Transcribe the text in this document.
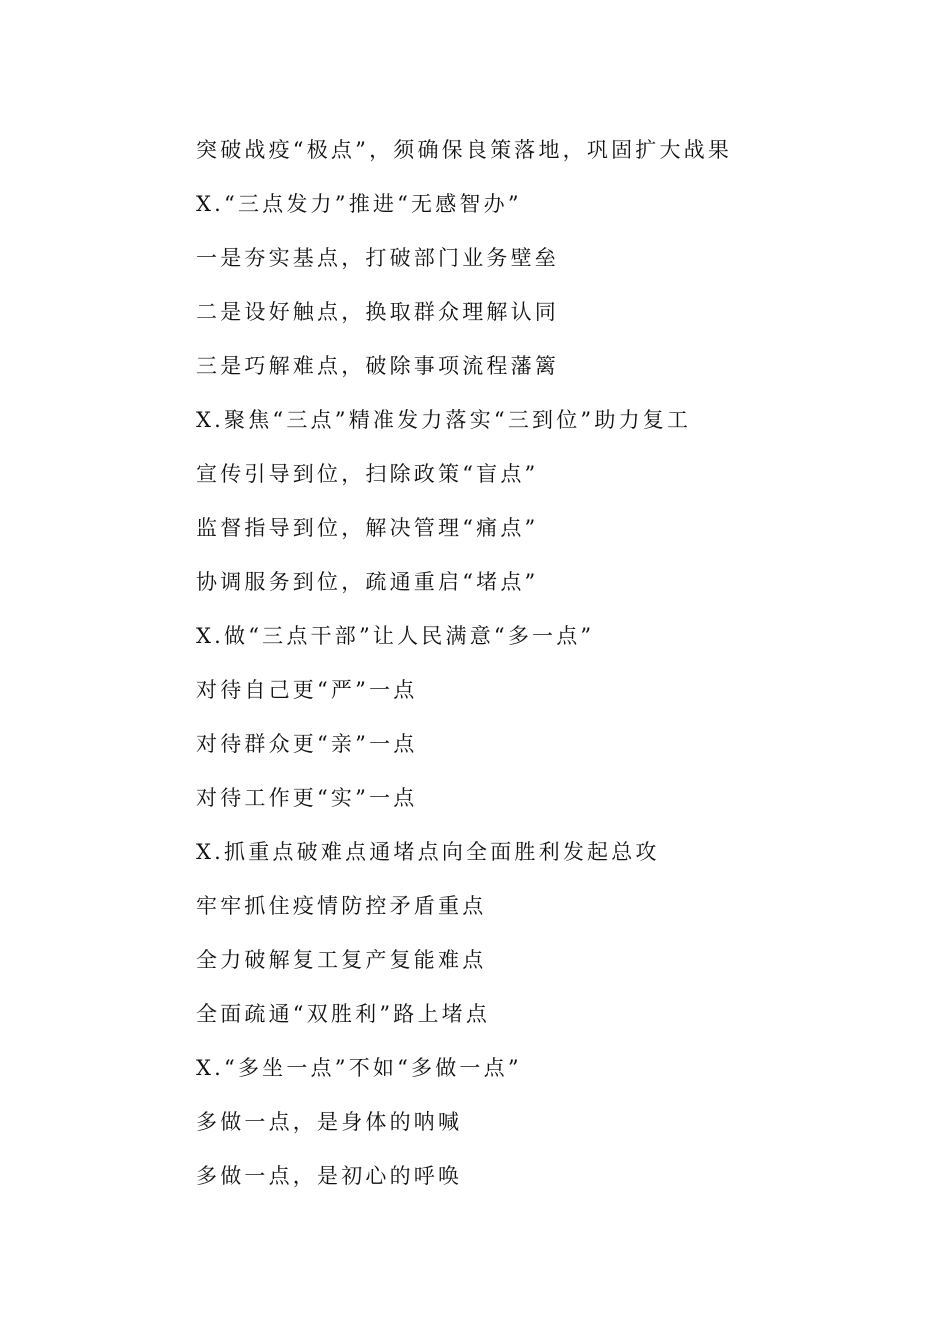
突破战疫“极点”，须确保良策落地，巩固扩大战果

X.“三点发力”推进“无感智办”

一是夯实基点，打破部门业务壁垒

二是设好触点，换取群众理解认同

三是巧解难点，破除事项流程藩篱

X.聚焦“三点”精准发力落实“三到位”助力复工

宣传引导到位，扫除政策“盲点”

监督指导到位，解决管理“痛点”

协调服务到位，疏通重启“堵点”

X.做“三点干部”让人民满意“多一点”

对待自己更“严”一点

对待群众更“亲”一点

对待工作更“实”一点

X.抓重点破难点通堵点向全面胜利发起总攻

牢牢抓住疫情防控矛盾重点

全力破解复工复产复能难点

全面疏通“双胜利”路上堵点

X.“多坐一点”不如“多做一点”

多做一点，是身体的呐喊

多做一点，是初心的呼唤
